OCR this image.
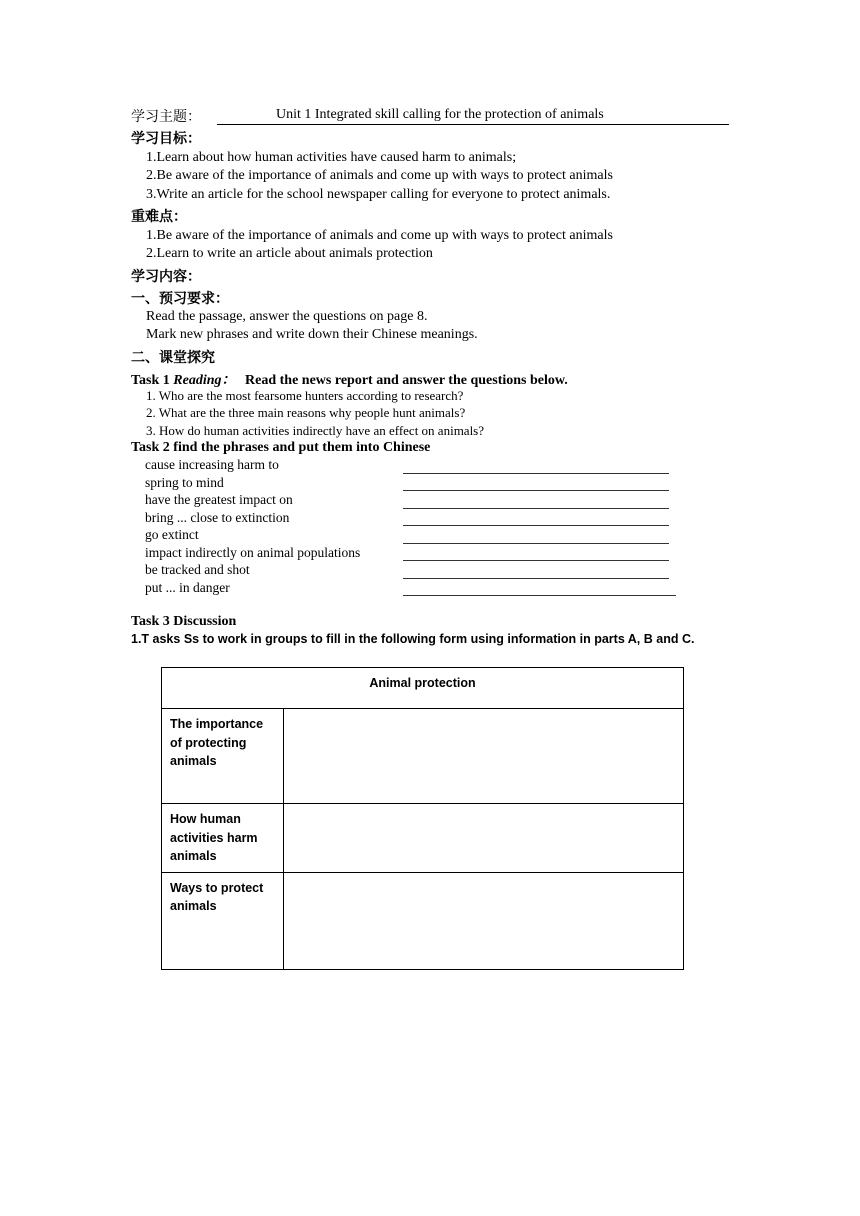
学习主题：	Unit 1 Integrated skill calling for the protection of animals
学习目标：
1.Learn about how human activities have caused harm to animals;
2.Be aware of the importance of animals and come up with ways to protect animals
3.Write an article for the school newspaper calling for everyone to protect animals.
重难点：
1.Be aware of the importance of animals and come up with ways to protect animals
2.Learn to write an article about animals protection
学习内容：
一、预习要求：
Read the passage, answer the questions on page 8.
Mark new phrases and write down their Chinese meanings.
二、课堂探究
Task 1 Reading： Read the news report and answer the questions below.
1. Who are the most fearsome hunters according to research?
2. What are the three main reasons why people hunt animals?
3. How do human activities indirectly have an effect on animals?
Task 2 find the phrases and put them into Chinese
cause increasing harm to
spring to mind
have the greatest impact on
bring ... close to extinction
go extinct
impact indirectly on animal populations
be tracked and shot
put ... in danger
Task 3 Discussion
1.T asks Ss to work in groups to fill in the following form using information in parts A, B and C.
Animal protection	
The importance of protecting animals	
How human activities harm animals	
Ways to protect animals	
